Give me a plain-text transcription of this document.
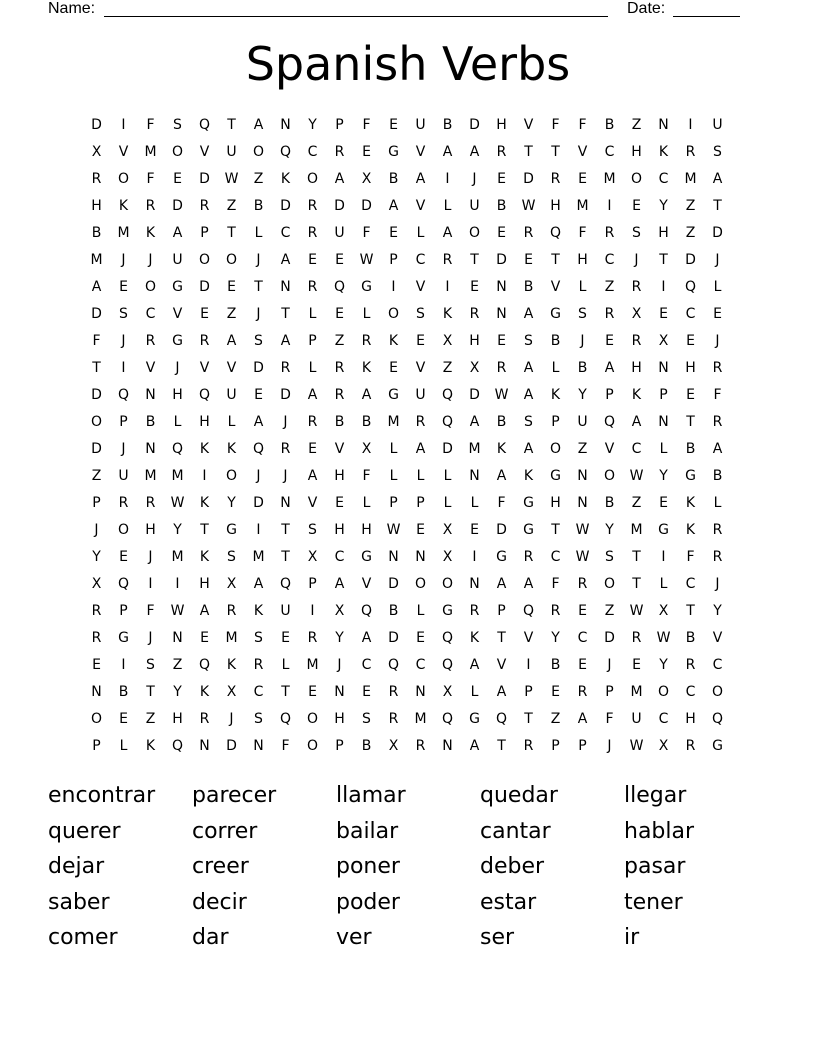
Name:	Date:
Spanish Verbs
D	I	F	S	Q	T	A	N	Y	P	F	E	U	B	D	H	V	F	F	B	Z	N	I	U
X	V	M	O	V	U	O	Q	C	R	E	G	V	A	A	R	T	T	V	C	H	K	R	S
R	O	F	E	D	W	Z	K	O	A	X	B	A	I	J	E	D	R	E	M	O	C	M	A
H	K	R	D	R	Z	B	D	R	D	D	A	V	L	U	B	W	H	M	I	E	Y	Z	T
B	M	K	A	P	T	L	C	R	U	F	E	L	A	O	E	R	Q	F	R	S	H	Z	D
M	J	J	U	O	O	J	A	E	E	W	P	C	R	T	D	E	T	H	C	J	T	D	J
A	E	O	G	D	E	T	N	R	Q	G	I	V	I	E	N	B	V	L	Z	R	I	Q	L
D	S	C	V	E	Z	J	T	L	E	L	O	S	K	R	N	A	G	S	R	X	E	C	E
F	J	R	G	R	A	S	A	P	Z	R	K	E	X	H	E	S	B	J	E	R	X	E	J
T	I	V	J	V	V	D	R	L	R	K	E	V	Z	X	R	A	L	B	A	H	N	H	R
D	Q	N	H	Q	U	E	D	A	R	A	G	U	Q	D	W	A	K	Y	P	K	P	E	F
O	P	B	L	H	L	A	J	R	B	B	M	R	Q	A	B	S	P	U	Q	A	N	T	R
D	J	N	Q	K	K	Q	R	E	V	X	L	A	D	M	K	A	O	Z	V	C	L	B	A
Z	U	M	M	I	O	J	J	A	H	F	L	L	L	N	A	K	G	N	O	W	Y	G	B
P	R	R	W	K	Y	D	N	V	E	L	P	P	L	L	F	G	H	N	B	Z	E	K	L
J	O	H	Y	T	G	I	T	S	H	H	W	E	X	E	D	G	T	W	Y	M	G	K	R
Y	E	J	M	K	S	M	T	X	C	G	N	N	X	I	G	R	C	W	S	T	I	F	R
X	Q	I	I	H	X	A	Q	P	A	V	D	O	O	N	A	A	F	R	O	T	L	C	J
R	P	F	W	A	R	K	U	I	X	Q	B	L	G	R	P	Q	R	E	Z	W	X	T	Y
R	G	J	N	E	M	S	E	R	Y	A	D	E	Q	K	T	V	Y	C	D	R	W	B	V
E	I	S	Z	Q	K	R	L	M	J	C	Q	C	Q	A	V	I	B	E	J	E	Y	R	C
N	B	T	Y	K	X	C	T	E	N	E	R	N	X	L	A	P	E	R	P	M	O	C	O
O	E	Z	H	R	J	S	Q	O	H	S	R	M	Q	G	Q	T	Z	A	F	U	C	H	Q
P	L	K	Q	N	D	N	F	O	P	B	X	R	N	A	T	R	P	P	J	W	X	R	G
encontrar	parecer	llamar	quedar	llegar
querer	correr	bailar	cantar	hablar
dejar	creer	poner	deber	pasar
saber	decir	poder	estar	tener
comer	dar	ver	ser	ir
